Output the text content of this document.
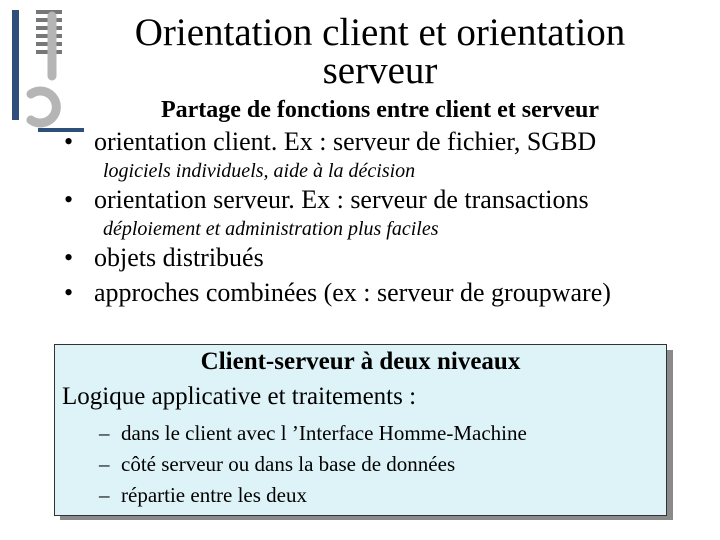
Orientation client et orientation
serveur
Partage de fonctions entre client et serveur
• orientation client. Ex : serveur de fichier, SGBD
logiciels individuels, aide à la décision
• orientation serveur. Ex : serveur de transactions
déploiement et administration plus faciles
• objets distribués
• approches combinées (ex : serveur de groupware)
Client-serveur à deux niveaux
Logique applicative et traitements :
– dans le client avec l ’Interface Homme-Machine
– côté serveur ou dans la base de données
– répartie entre les deux
